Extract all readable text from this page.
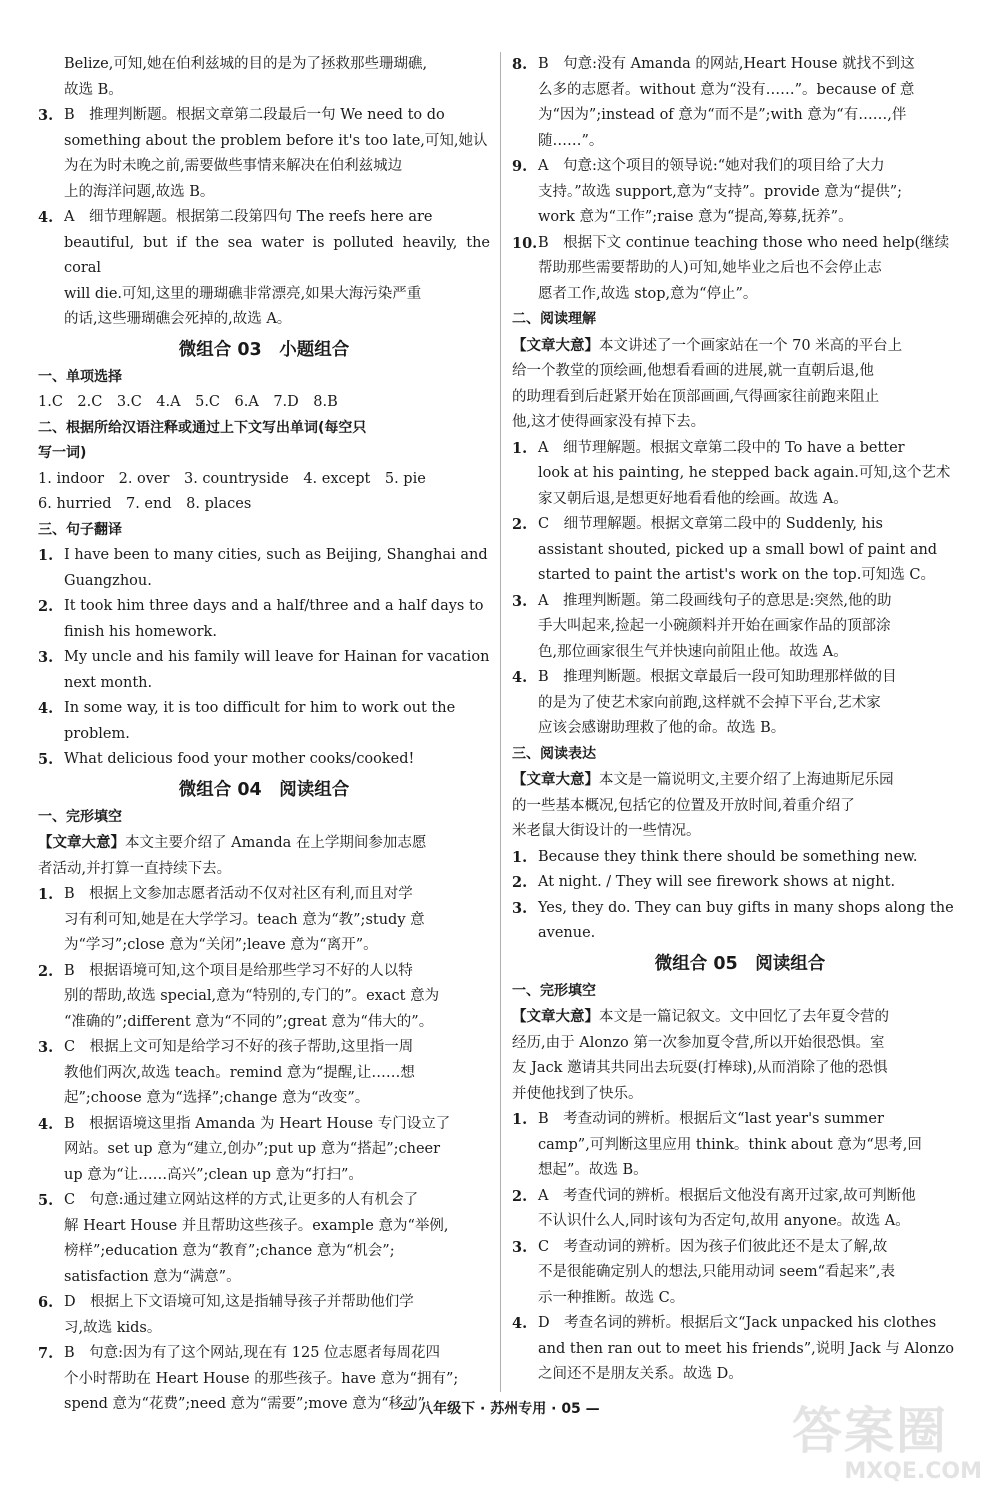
Belize,可知,她在伯利兹城的目的是为了拯救那些珊瑚礁,
故选 B。
3. B　推理判断题。根据文章第二段最后一句 We need to do
something about the problem before it's too late,可知,她认
为在为时未晚之前,需要做些事情来解决在伯利兹城边
上的海洋问题,故选 B。
4. A　细节理解题。根据第二段第四句 The reefs here are
beautiful, but if the sea water is polluted heavily, the coral
will die.可知,这里的珊瑚礁非常漂亮,如果大海污染严重
的话,这些珊瑚礁会死掉的,故选 A。
微组合 03　小题组合
一、单项选择
1.C　2.C　3.C　4.A　5.C　6.A　7.D　8.B
二、根据所给汉语注释或通过上下文写出单词(每空只
写一词)
1. indoor　2. over　3. countryside　4. except　5. pie
6. hurried　7. end　8. places
三、句子翻译
1. I have been to many cities, such as Beijing, Shanghai and
Guangzhou.
2. It took him three days and a half/three and a half days to
finish his homework.
3. My uncle and his family will leave for Hainan for vacation
next month.
4. In some way, it is too difficult for him to work out the
problem.
5. What delicious food your mother cooks/cooked!
微组合 04　阅读组合
一、完形填空
【文章大意】本文主要介绍了 Amanda 在上学期间参加志愿
者活动,并打算一直持续下去。
1. B　根据上文参加志愿者活动不仅对社区有利,而且对学
习有利可知,她是在大学学习。teach 意为“教”;study 意
为“学习”;close 意为“关闭”;leave 意为“离开”。
2. B　根据语境可知,这个项目是给那些学习不好的人以特
别的帮助,故选 special,意为“特别的,专门的”。exact 意为
“准确的”;different 意为“不同的”;great 意为“伟大的”。
3. C　根据上文可知是给学习不好的孩子帮助,这里指一周
教他们两次,故选 teach。remind 意为“提醒,让……想
起”;choose 意为“选择”;change 意为“改变”。
4. B　根据语境这里指 Amanda 为 Heart House 专门设立了
网站。set up 意为“建立,创办”;put up 意为“搭起”;cheer
up 意为“让……高兴”;clean up 意为“打扫”。
5. C　句意:通过建立网站这样的方式,让更多的人有机会了
解 Heart House 并且帮助这些孩子。example 意为“举例,
榜样”;education 意为“教育”;chance 意为“机会”;
satisfaction 意为“满意”。
6. D　根据上下文语境可知,这是指辅导孩子并帮助他们学
习,故选 kids。
7. B　句意:因为有了这个网站,现在有 125 位志愿者每周花四
个小时帮助在 Heart House 的那些孩子。have 意为“拥有”;
spend 意为“花费”;need 意为“需要”;move 意为“移动”。
8. B　句意:没有 Amanda 的网站,Heart House 就找不到这
么多的志愿者。without 意为“没有……”。because of 意
为“因为”;instead of 意为“而不是”;with 意为“有……,伴
随……”。
9. A　句意:这个项目的领导说:“她对我们的项目给了大力
支持。”故选 support,意为“支持”。provide 意为“提供”;
work 意为“工作”;raise 意为“提高,筹募,抚养”。
10. B　根据下文 continue teaching those who need help(继续
帮助那些需要帮助的人)可知,她毕业之后也不会停止志
愿者工作,故选 stop,意为“停止”。
二、阅读理解
【文章大意】本文讲述了一个画家站在一个 70 米高的平台上
给一个教堂的顶绘画,他想看看画的进展,就一直朝后退,他
的助理看到后赶紧开始在顶部画画,气得画家往前跑来阻止
他,这才使得画家没有掉下去。
1. A　细节理解题。根据文章第二段中的 To have a better
look at his painting, he stepped back again.可知,这个艺术
家又朝后退,是想更好地看看他的绘画。故选 A。
2. C　细节理解题。根据文章第二段中的 Suddenly, his
assistant shouted, picked up a small bowl of paint and
started to paint the artist's work on the top.可知选 C。
3. A　推理判断题。第二段画线句子的意思是:突然,他的助
手大叫起来,捡起一小碗颜料并开始在画家作品的顶部涂
色,那位画家很生气并快速向前阻止他。故选 A。
4. B　推理判断题。根据文章最后一段可知助理那样做的目
的是为了使艺术家向前跑,这样就不会掉下平台,艺术家
应该会感谢助理救了他的命。故选 B。
三、阅读表达
【文章大意】本文是一篇说明文,主要介绍了上海迪斯尼乐园
的一些基本概况,包括它的位置及开放时间,着重介绍了
米老鼠大街设计的一些情况。
1. Because they think there should be something new.
2. At night. / They will see firework shows at night.
3. Yes, they do. They can buy gifts in many shops along the
avenue.
微组合 05　阅读组合
一、完形填空
【文章大意】本文是一篇记叙文。文中回忆了去年夏令营的
经历,由于 Alonzo 第一次参加夏令营,所以开始很恐惧。室
友 Jack 邀请其共同出去玩耍(打棒球),从而消除了他的恐惧
并使他找到了快乐。
1. B　考查动词的辨析。根据后文“last year's summer
camp”,可判断这里应用 think。think about 意为“思考,回
想起”。故选 B。
2. A　考查代词的辨析。根据后文他没有离开过家,故可判断他
不认识什么人,同时该句为否定句,故用 anyone。故选 A。
3. C　考查动词的辨析。因为孩子们彼此还不是太了解,故
不是很能确定别人的想法,只能用动词 seem“看起来”,表
示一种推断。故选 C。
4. D　考查名词的辨析。根据后文“Jack unpacked his clothes
and then ran out to meet his friends”,说明 Jack 与 Alonzo
之间还不是朋友关系。故选 D。
— 八年级下 · 苏州专用 · 05 —	答案圈
MXQE.COM
